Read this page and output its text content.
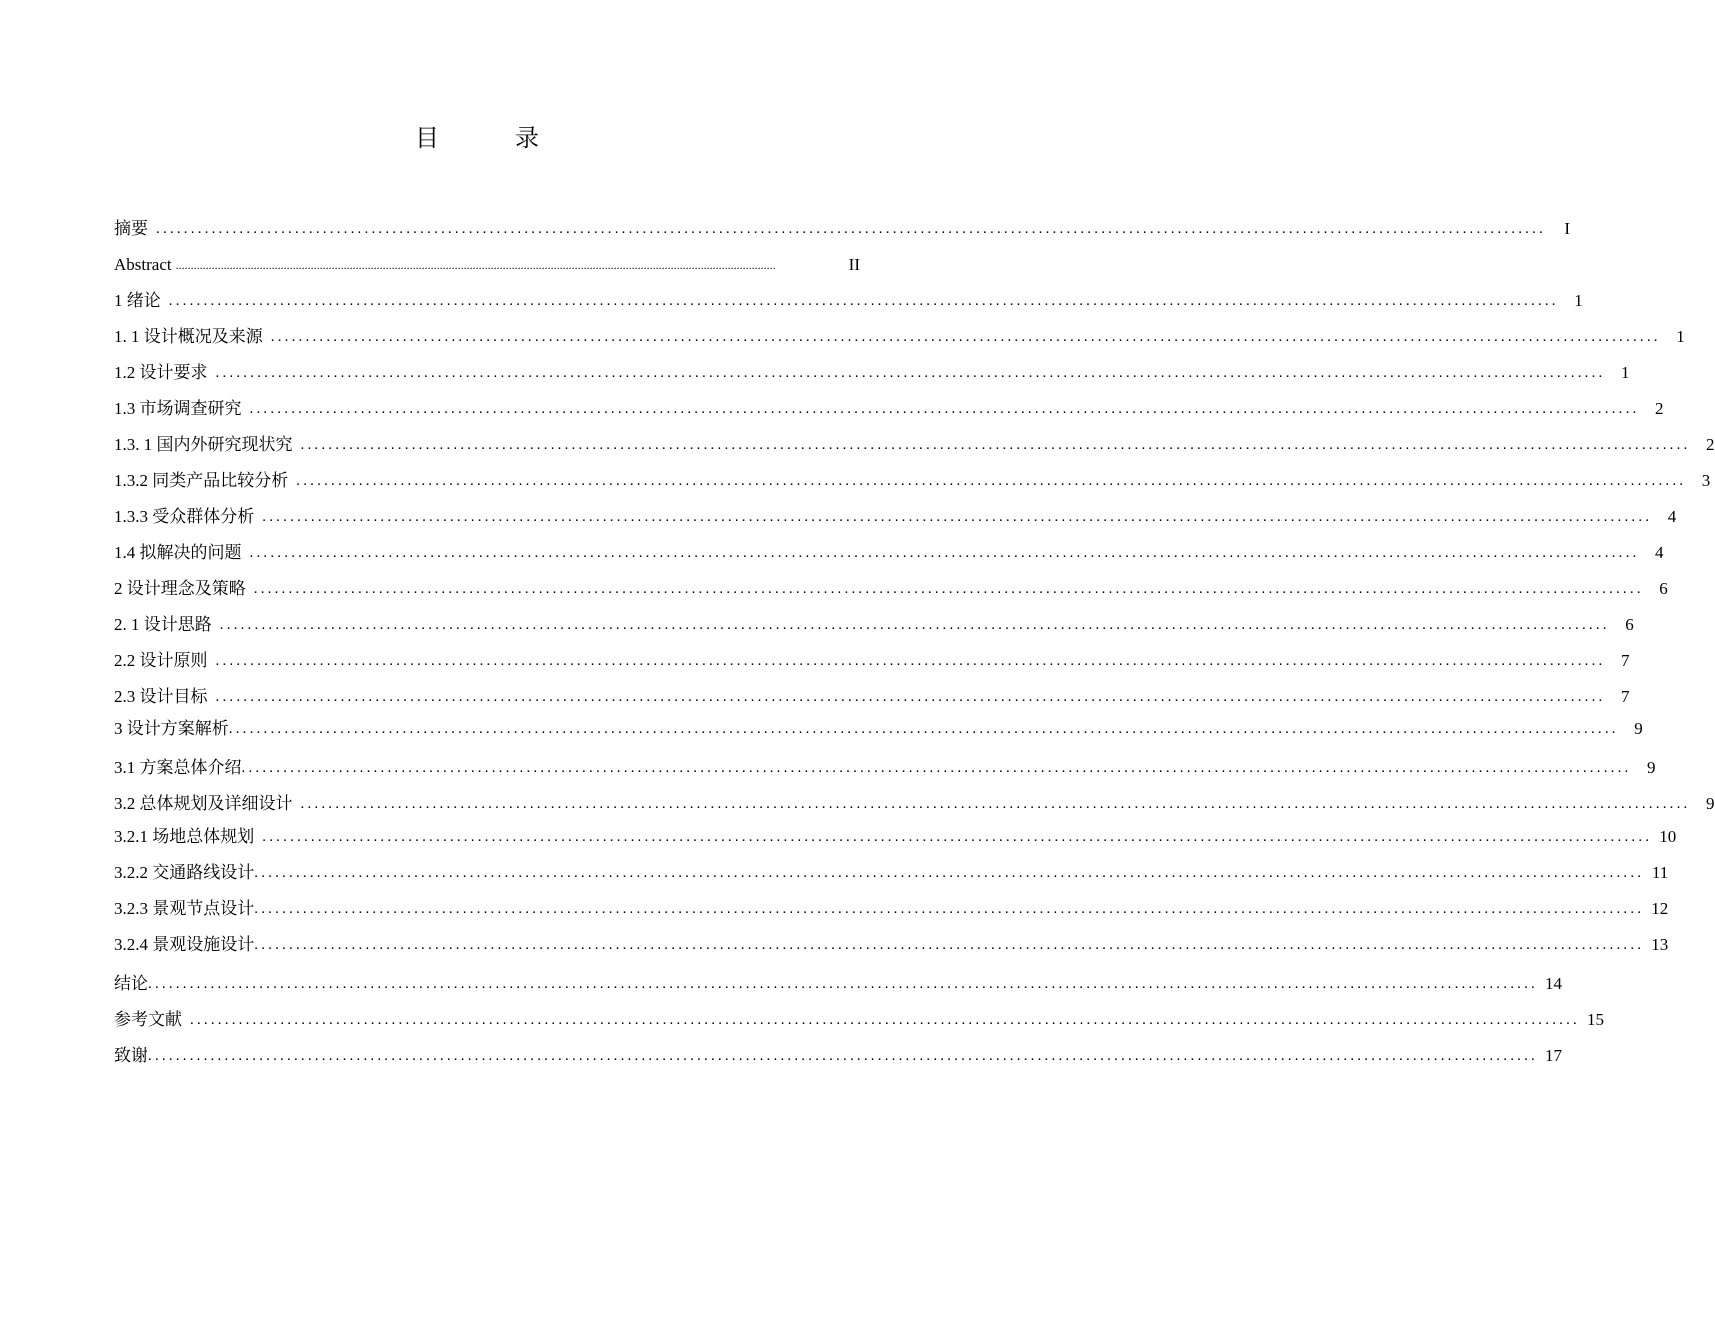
目　录
摘要 ........................................................................................................................................................................................................	I
Abstract ........................................................................................................................................................................................................	II
1 绪论 ........................................................................................................................................................................................................ 1
1. 1 设计概况及来源 ........................................................................................................................................................................................................ 1
1.2 设计要求 ........................................................................................................................................................................................................ 1
1.3 市场调查研究 ........................................................................................................................................................................................................ 2
1.3. 1 国内外研究现状究 ........................................................................................................................................................................................................ 2
1.3.2 同类产品比较分析 ........................................................................................................................................................................................................ 3
1.3.3 受众群体分析 ........................................................................................................................................................................................................ 4
1.4 拟解决的问题 ........................................................................................................................................................................................................ 4
2 设计理念及策略 ........................................................................................................................................................................................................ 6
2. 1 设计思路 ........................................................................................................................................................................................................ 6
2.2 设计原则 ........................................................................................................................................................................................................ 7
2.3 设计目标 ........................................................................................................................................................................................................ 7
3 设计方案解析 ........................................................................................................................................................................................................ 9
3.1 方案总体介绍 ........................................................................................................................................................................................................ 9
3.2 总体规划及详细设计 ........................................................................................................................................................................................................ 9
3.2.1 场地总体规划 ........................................................................................................................................................................................................ 10
3.2.2 交通路线设计 ........................................................................................................................................................................................................ 11
3.2.3 景观节点设计 ........................................................................................................................................................................................................ 12
3.2.4 景观设施设计 ........................................................................................................................................................................................................ 13
结论 ........................................................................................................................................................................................................ 14
参考文献 ........................................................................................................................................................................................................ 15
致谢 ........................................................................................................................................................................................................ 17
